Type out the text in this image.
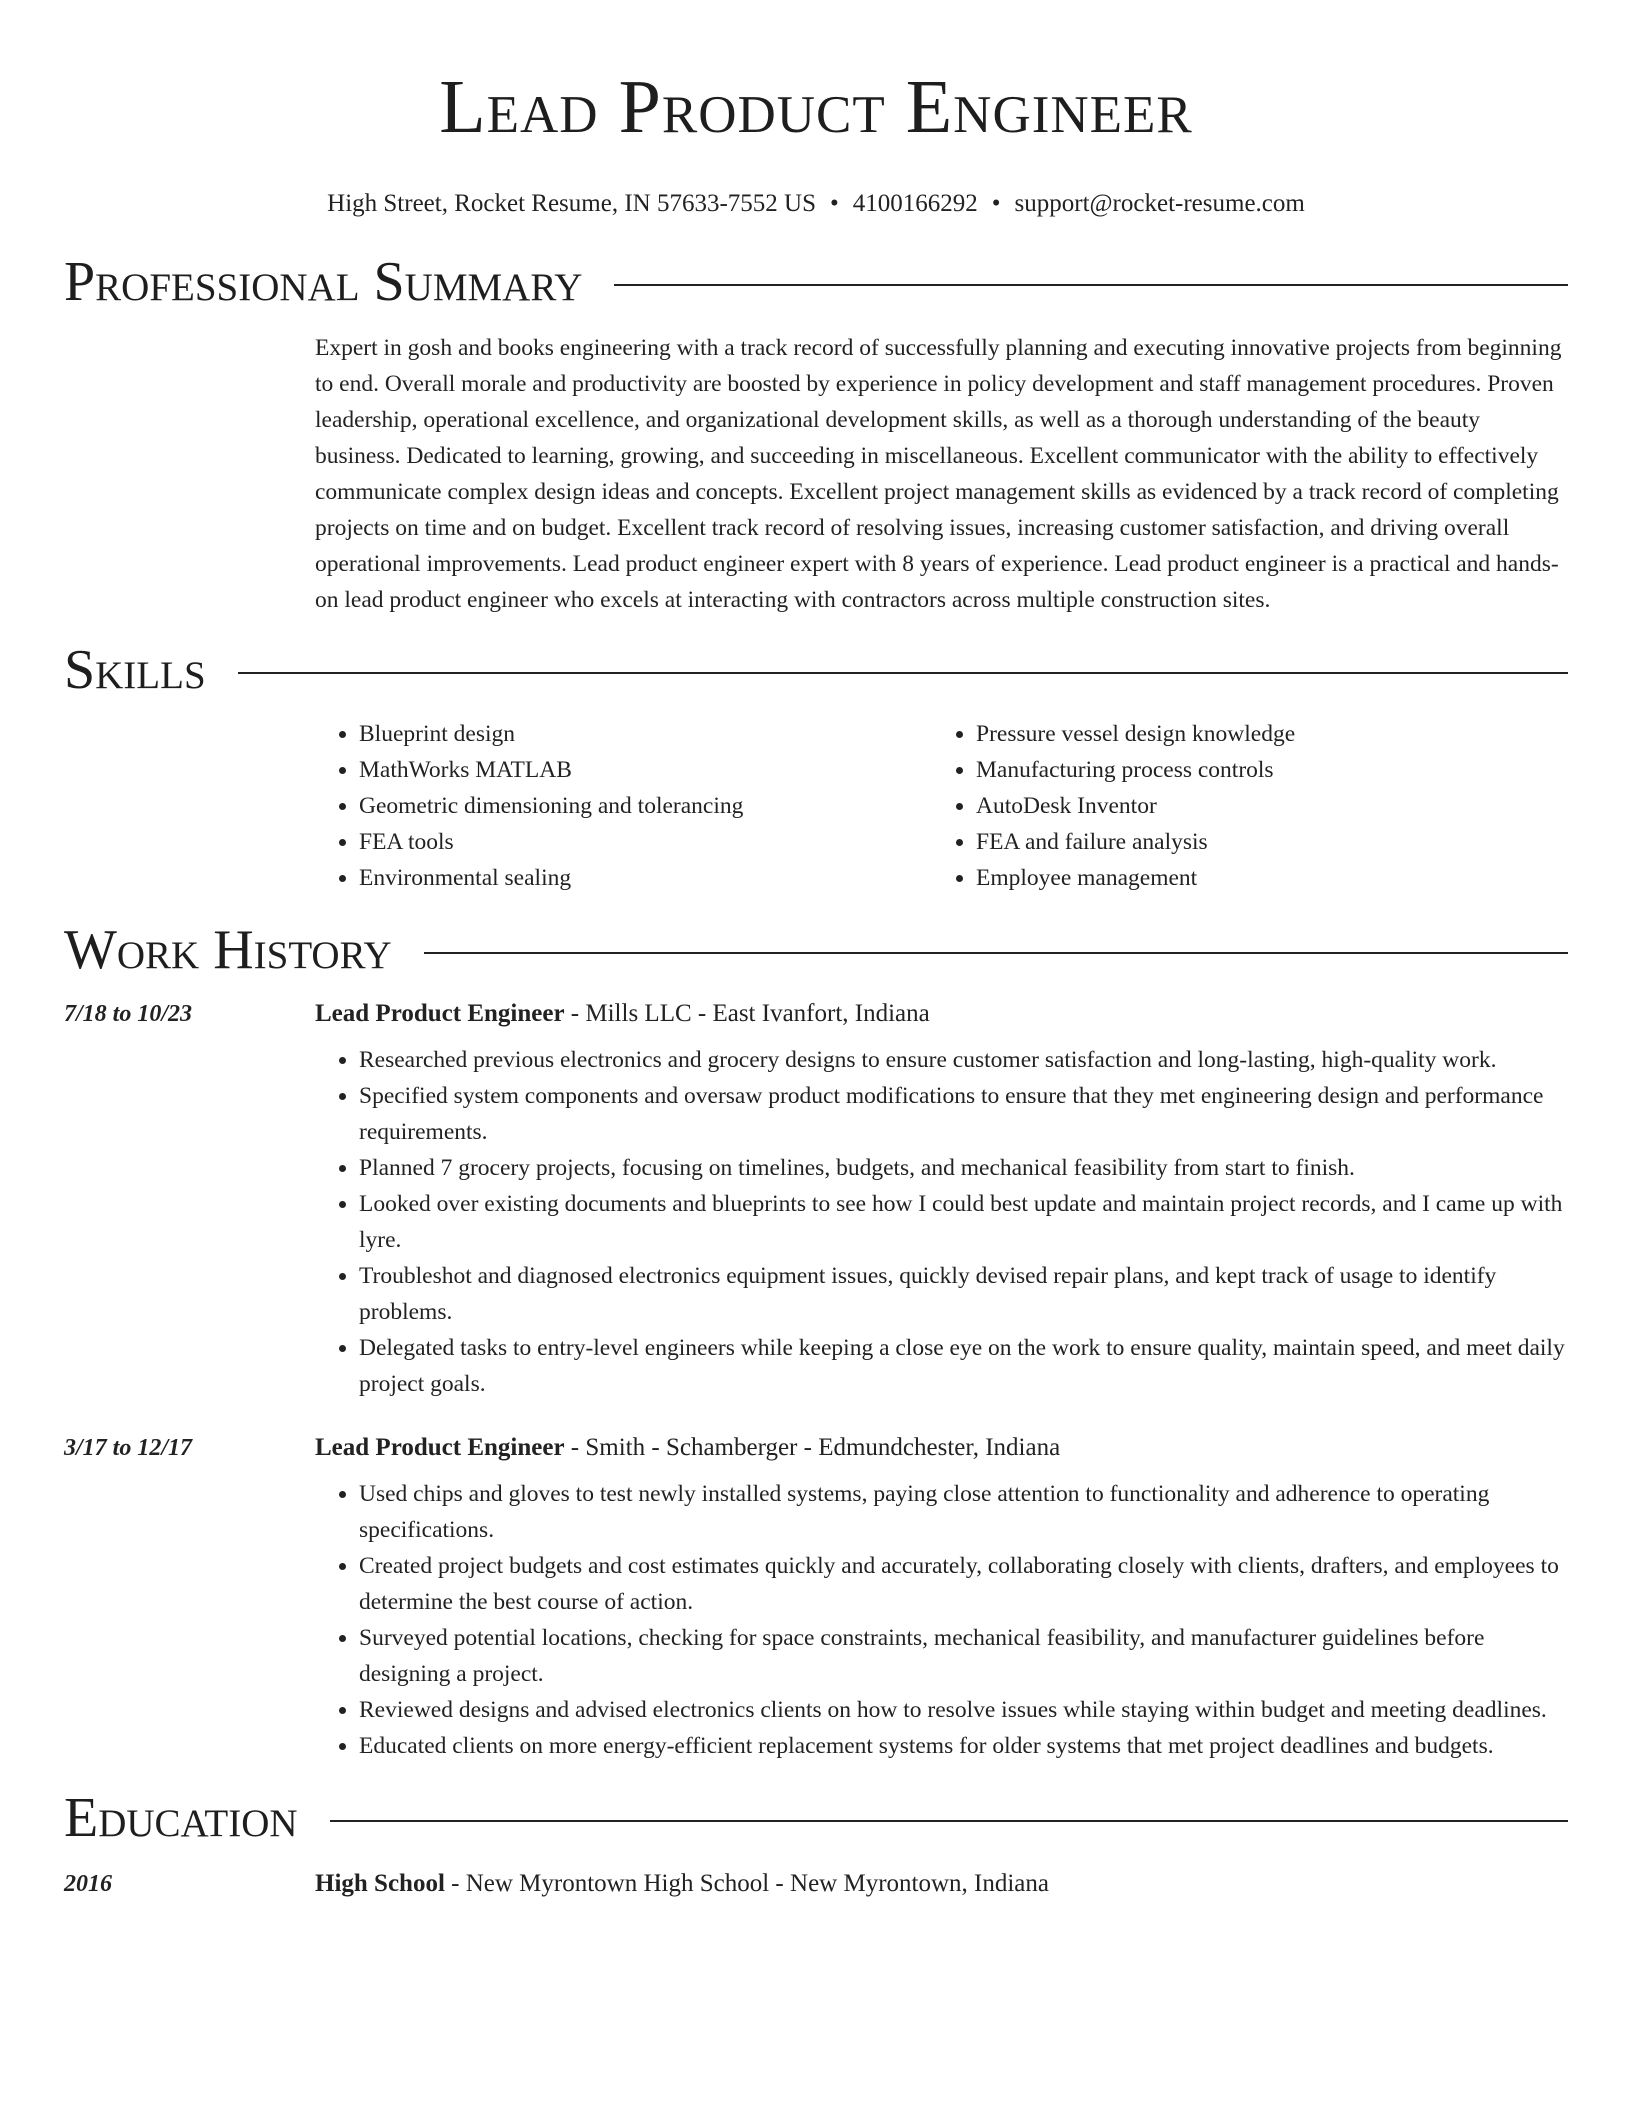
Lead Product Engineer
High Street, Rocket Resume, IN 57633-7552 US • 4100166292 • support@rocket-resume.com
Professional Summary

Expert in gosh and books engineering with a track record of successfully planning and executing innovative projects from beginning to end. Overall morale and productivity are boosted by experience in policy development and staff management procedures. Proven leadership, operational excellence, and organizational development skills, as well as a thorough understanding of the beauty business. Dedicated to learning, growing, and succeeding in miscellaneous. Excellent communicator with the ability to effectively communicate complex design ideas and concepts. Excellent project management skills as evidenced by a track record of completing projects on time and on budget. Excellent track record of resolving issues, increasing customer satisfaction, and driving overall operational improvements. Lead product engineer expert with 8 years of experience. Lead product engineer is a practical and hands-on lead product engineer who excels at interacting with contractors across multiple construction sites.

Skills
• Blueprint design
• MathWorks MATLAB
• Geometric dimensioning and tolerancing
• FEA tools
• Environmental sealing
• Pressure vessel design knowledge
• Manufacturing process controls
• AutoDesk Inventor
• FEA and failure analysis
• Employee management
Work History
7/18 to 10/23	Lead Product Engineer - Mills LLC - East Ivanfort, Indiana
• Researched previous electronics and grocery designs to ensure customer satisfaction and long-lasting, high-quality work.
• Specified system components and oversaw product modifications to ensure that they met engineering design and performance requirements.
• Planned 7 grocery projects, focusing on timelines, budgets, and mechanical feasibility from start to finish.
• Looked over existing documents and blueprints to see how I could best update and maintain project records, and I came up with lyre.
• Troubleshot and diagnosed electronics equipment issues, quickly devised repair plans, and kept track of usage to identify problems.
• Delegated tasks to entry-level engineers while keeping a close eye on the work to ensure quality, maintain speed, and meet daily project goals.
3/17 to 12/17	Lead Product Engineer - Smith - Schamberger - Edmundchester, Indiana
• Used chips and gloves to test newly installed systems, paying close attention to functionality and adherence to operating specifications.
• Created project budgets and cost estimates quickly and accurately, collaborating closely with clients, drafters, and employees to determine the best course of action.
• Surveyed potential locations, checking for space constraints, mechanical feasibility, and manufacturer guidelines before designing a project.
• Reviewed designs and advised electronics clients on how to resolve issues while staying within budget and meeting deadlines.
• Educated clients on more energy-efficient replacement systems for older systems that met project deadlines and budgets.
Education
2016	High School - New Myrontown High School - New Myrontown, Indiana
